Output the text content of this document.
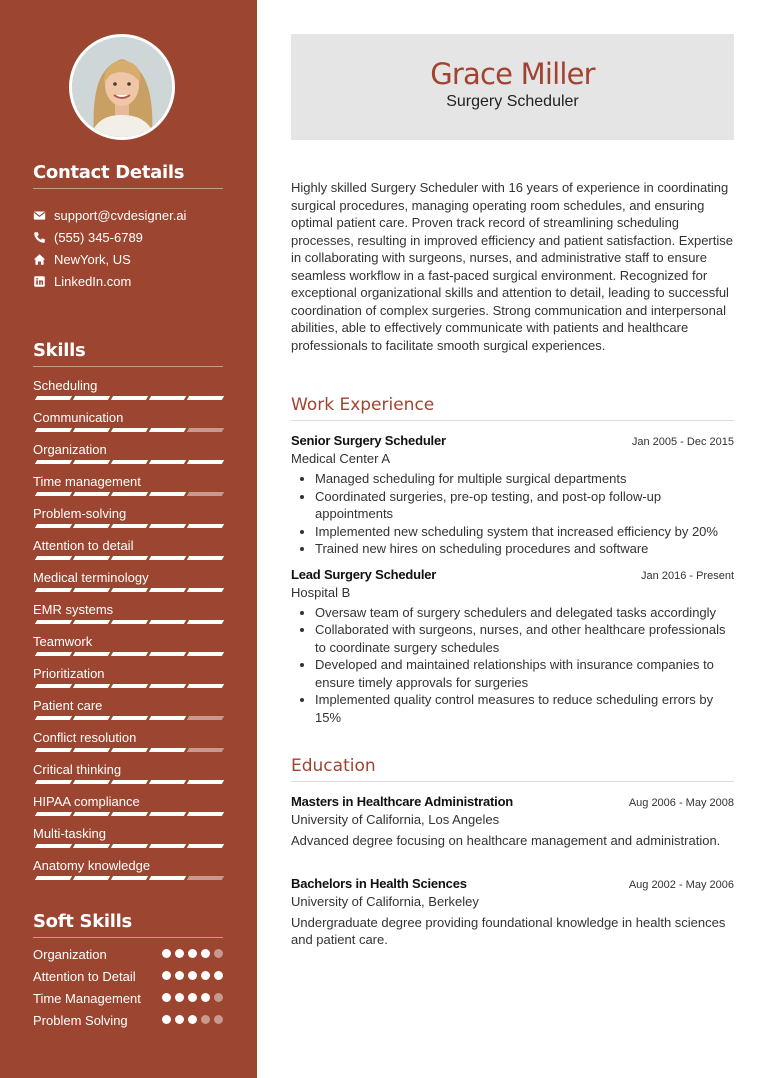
Contact Details
support@cvdesigner.ai
(555) 345-6789
NewYork, US
LinkedIn.com
Skills
Scheduling
Communication
Organization
Time management
Problem-solving
Attention to detail
Medical terminology
EMR systems
Teamwork
Prioritization
Patient care
Conflict resolution
Critical thinking
HIPAA compliance
Multi-tasking
Anatomy knowledge
Soft Skills
Organization
Attention to Detail
Time Management
Problem Solving
Grace Miller
Surgery Scheduler
Highly skilled Surgery Scheduler with 16 years of experience in coordinating surgical procedures, managing operating room schedules, and ensuring optimal patient care. Proven track record of streamlining scheduling processes, resulting in improved efficiency and patient satisfaction. Expertise in collaborating with surgeons, nurses, and administrative staff to ensure seamless workflow in a fast-paced surgical environment. Recognized for exceptional organizational skills and attention to detail, leading to successful coordination of complex surgeries. Strong communication and interpersonal abilities, able to effectively communicate with patients and healthcare professionals to facilitate smooth surgical experiences.
Work Experience
Senior Surgery Scheduler	Jan 2005 - Dec 2015
Medical Center A
• Managed scheduling for multiple surgical departments
• Coordinated surgeries, pre-op testing, and post-op follow-up appointments
• Implemented new scheduling system that increased efficiency by 20%
• Trained new hires on scheduling procedures and software
Lead Surgery Scheduler	Jan 2016 - Present
Hospital B
• Oversaw team of surgery schedulers and delegated tasks accordingly
• Collaborated with surgeons, nurses, and other healthcare professionals to coordinate surgery schedules
• Developed and maintained relationships with insurance companies to ensure timely approvals for surgeries
• Implemented quality control measures to reduce scheduling errors by 15%
Education
Masters in Healthcare Administration	Aug 2006 - May 2008
University of California, Los Angeles
Advanced degree focusing on healthcare management and administration.
Bachelors in Health Sciences	Aug 2002 - May 2006
University of California, Berkeley
Undergraduate degree providing foundational knowledge in health sciences and patient care.
